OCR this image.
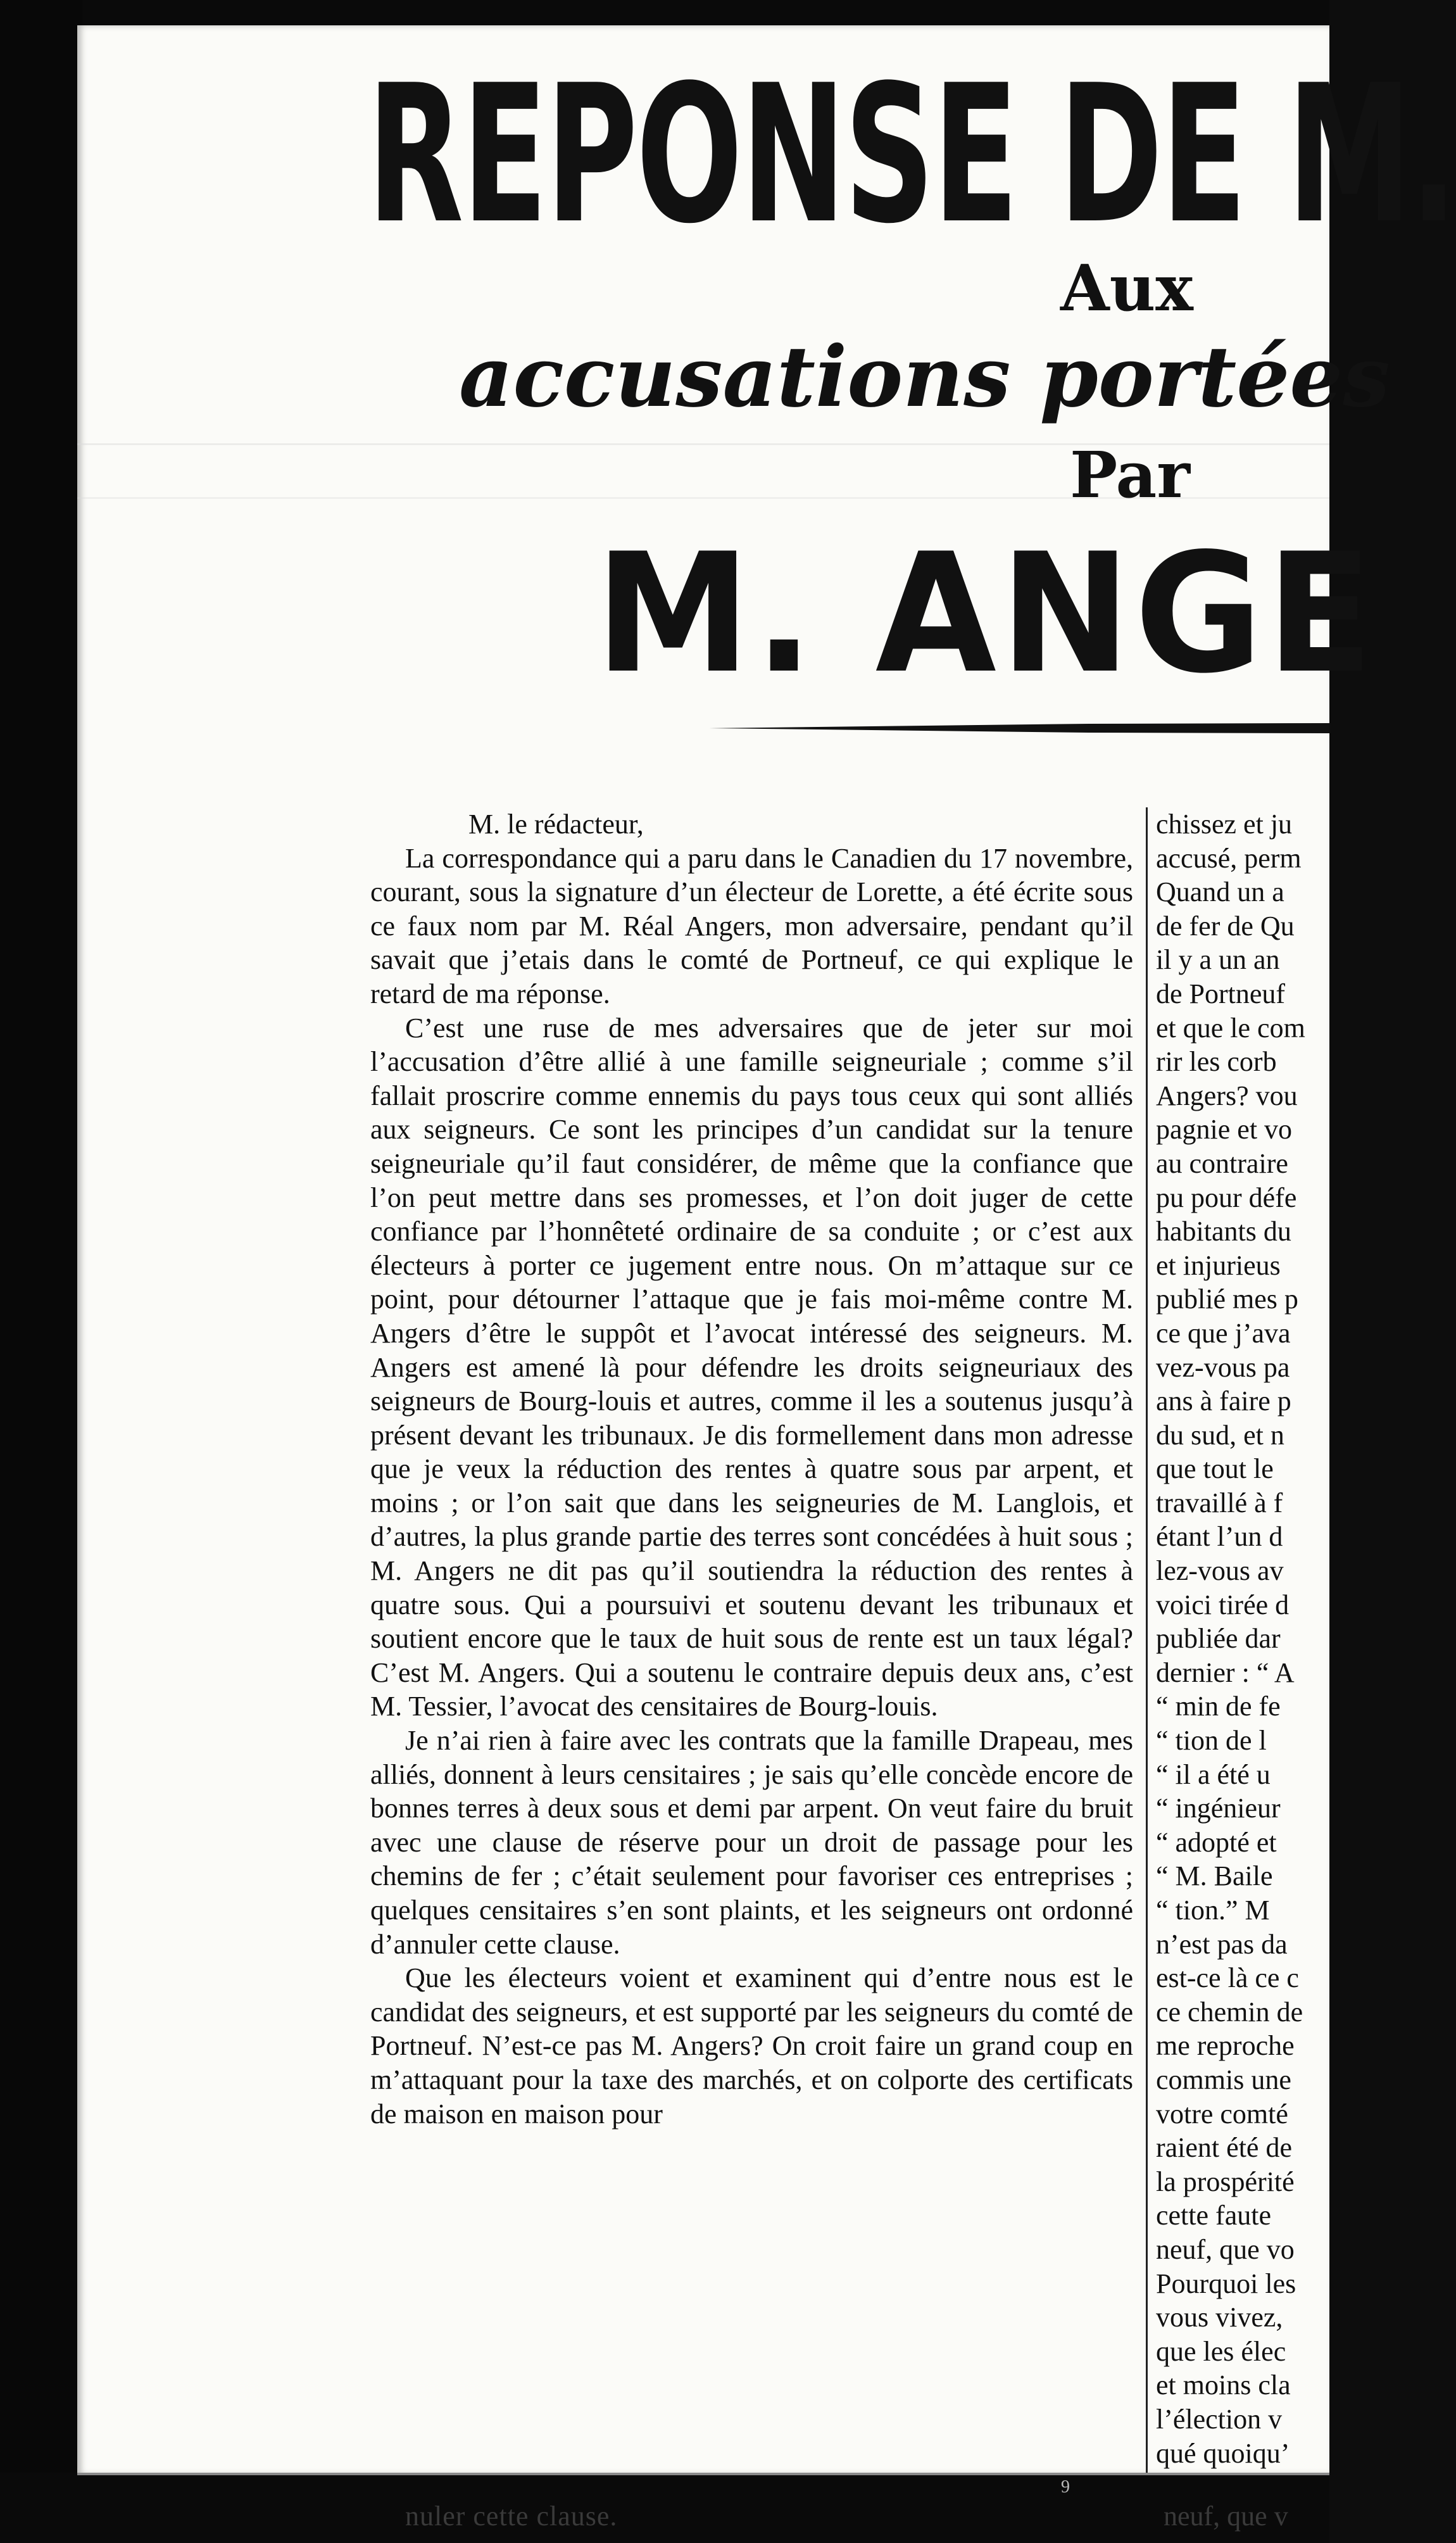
REPONSE DE M.
Aux
accusations portées
Par
M. ANGE

M. le rédacteur,

La correspondance qui a paru dans le Canadien du 17 novembre, courant, sous la signature d’un électeur de Lorette, a été écrite sous ce faux nom par M. Réal Angers, mon adversaire, pendant qu’il savait que j’etais dans le comté de Portneuf, ce qui explique le retard de ma réponse.

C’est une ruse de mes adversaires que de jeter sur moi l’accusation d’être allié à une famille seigneuriale ; comme s’il fallait proscrire comme ennemis du pays tous ceux qui sont alliés aux seigneurs. Ce sont les principes d’un candidat sur la tenure seigneuriale qu’il faut considérer, de même que la confiance que l’on peut mettre dans ses promesses, et l’on doit juger de cette confiance par l’honnêteté ordinaire de sa conduite ; or c’est aux électeurs à porter ce jugement entre nous. On m’attaque sur ce point, pour détourner l’attaque que je fais moi-même contre M. Angers d’être le suppôt et l’avocat intéressé des seigneurs. M. Angers est amené là pour défendre les droits seigneuriaux des seigneurs de Bourg-louis et autres, comme il les a soutenus jusqu’à présent devant les tribunaux. Je dis formellement dans mon adresse que je veux la réduction des rentes à quatre sous par arpent, et moins ; or l’on sait que dans les seigneuries de M. Langlois, et d’autres, la plus grande partie des terres sont concédées à huit sous ; M. Angers ne dit pas qu’il soutiendra la réduction des rentes à quatre sous. Qui a poursuivi et soutenu devant les tribunaux et soutient encore que le taux de huit sous de rente est un taux légal? C’est M. Angers. Qui a soutenu le contraire depuis deux ans, c’est M. Tessier, l’avocat des censitaires de Bourg-louis.

Je n’ai rien à faire avec les contrats que la famille Drapeau, mes alliés, donnent à leurs censitaires ; je sais qu’elle concède encore de bonnes terres à deux sous et demi par arpent. On veut faire du bruit avec une clause de réserve pour un droit de passage pour les chemins de fer ; c’était seulement pour favoriser ces entreprises ; quelques censitaires s’en sont plaints, et les seigneurs ont ordonné d’annuler cette clause.

Que les électeurs voient et examinent qui d’entre nous est le candidat des seigneurs, et est supporté par les seigneurs du comté de Portneuf. N’est-ce pas M. Angers? On croit faire un grand coup en m’attaquant pour la taxe des marchés, et on colporte des certificats de maison en maison pour

chissez et ju
accusé, perm
Quand un a
de fer de Qu
il y a un an
de Portneuf
et que le com
rir les corb
Angers? vou
pagnie et vo
au contraire
pu pour défe
habitants du
et injurieus
publié mes p
ce que j’ava
vez-vous pa
ans à faire p
du sud, et n
que tout le
travaillé à f
étant l’un d
lez-vous av
voici tirée d
publiée dar
dernier : “ A
“ min de fe
“ tion de l
“ il a été u
“ ingénieur
“ adopté et
“ M. Baile
“ tion.” M
n’est pas da
est-ce là ce c
ce chemin de
me reproche
commis une
votre comté
raient été de
la prospérité
cette faute
neuf, que vo
Pourquoi les
vous vivez,
que les élec
et moins cla
l’élection v
qué quoiqu’
9
nuler cette clause.	neuf, que v
